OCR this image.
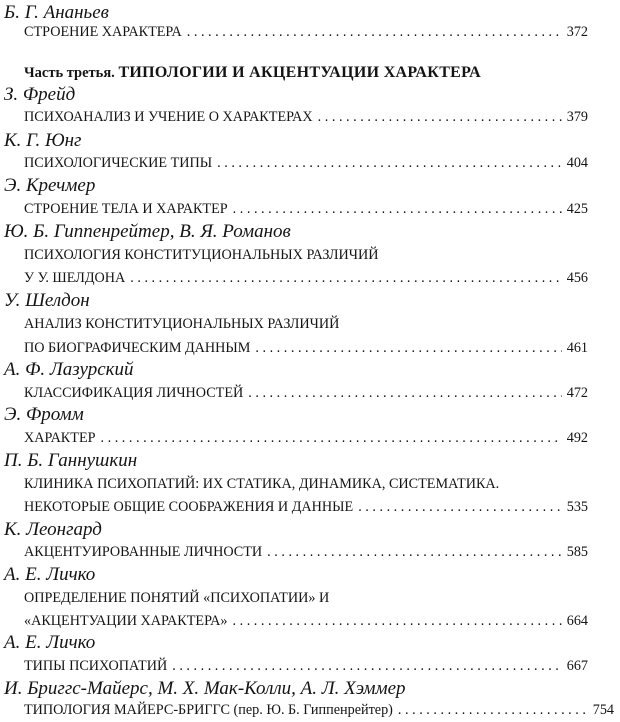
Б. Г. Ананьев
СТРОЕНИЕ ХАРАКТЕРА . . .	372
Часть третья. ТИПОЛОГИИ И АКЦЕНТУАЦИИ ХАРАКТЕРА
З. Фрейд
ПСИХОАНАЛИЗ И УЧЕНИЕ О ХАРАКТЕРАХ . . .	379
К. Г. Юнг
ПСИХОЛОГИЧЕСКИЕ ТИПЫ . . .	404
Э. Кречмер
СТРОЕНИЕ ТЕЛА И ХАРАКТЕР . . .	425
Ю. Б. Гиппенрейтер, В. Я. Романов
ПСИХОЛОГИЯ КОНСТИТУЦИОНАЛЬНЫХ РАЗЛИЧИЙ
У У. ШЕЛДОНА . . .	456
У. Шелдон
АНАЛИЗ КОНСТИТУЦИОНАЛЬНЫХ РАЗЛИЧИЙ
ПО БИОГРАФИЧЕСКИМ ДАННЫМ . . .	461
А. Ф. Лазурский
КЛАССИФИКАЦИЯ ЛИЧНОСТЕЙ . . .	472
Э. Фромм
ХАРАКТЕР . . .	492
П. Б. Ганнушкин
КЛИНИКА ПСИХОПАТИЙ: ИХ СТАТИКА, ДИНАМИКА, СИСТЕМАТИКА.
НЕКОТОРЫЕ ОБЩИЕ СООБРАЖЕНИЯ И ДАННЫЕ . . .	535
К. Леонгард
АКЦЕНТУИРОВАННЫЕ ЛИЧНОСТИ . . .	585
А. Е. Личко
ОПРЕДЕЛЕНИЕ ПОНЯТИЙ «ПСИХОПАТИИ» И
«АКЦЕНТУАЦИИ ХАРАКТЕРА» . . .	664
А. Е. Личко
ТИПЫ ПСИХОПАТИЙ . . .	667
И. Бриггс-Майерс, М. Х. Мак-Колли, А. Л. Хэммер
ТИПОЛОГИЯ МАЙЕРС-БРИГГС (пер. Ю. Б. Гиппенрейтер) . . .	754
